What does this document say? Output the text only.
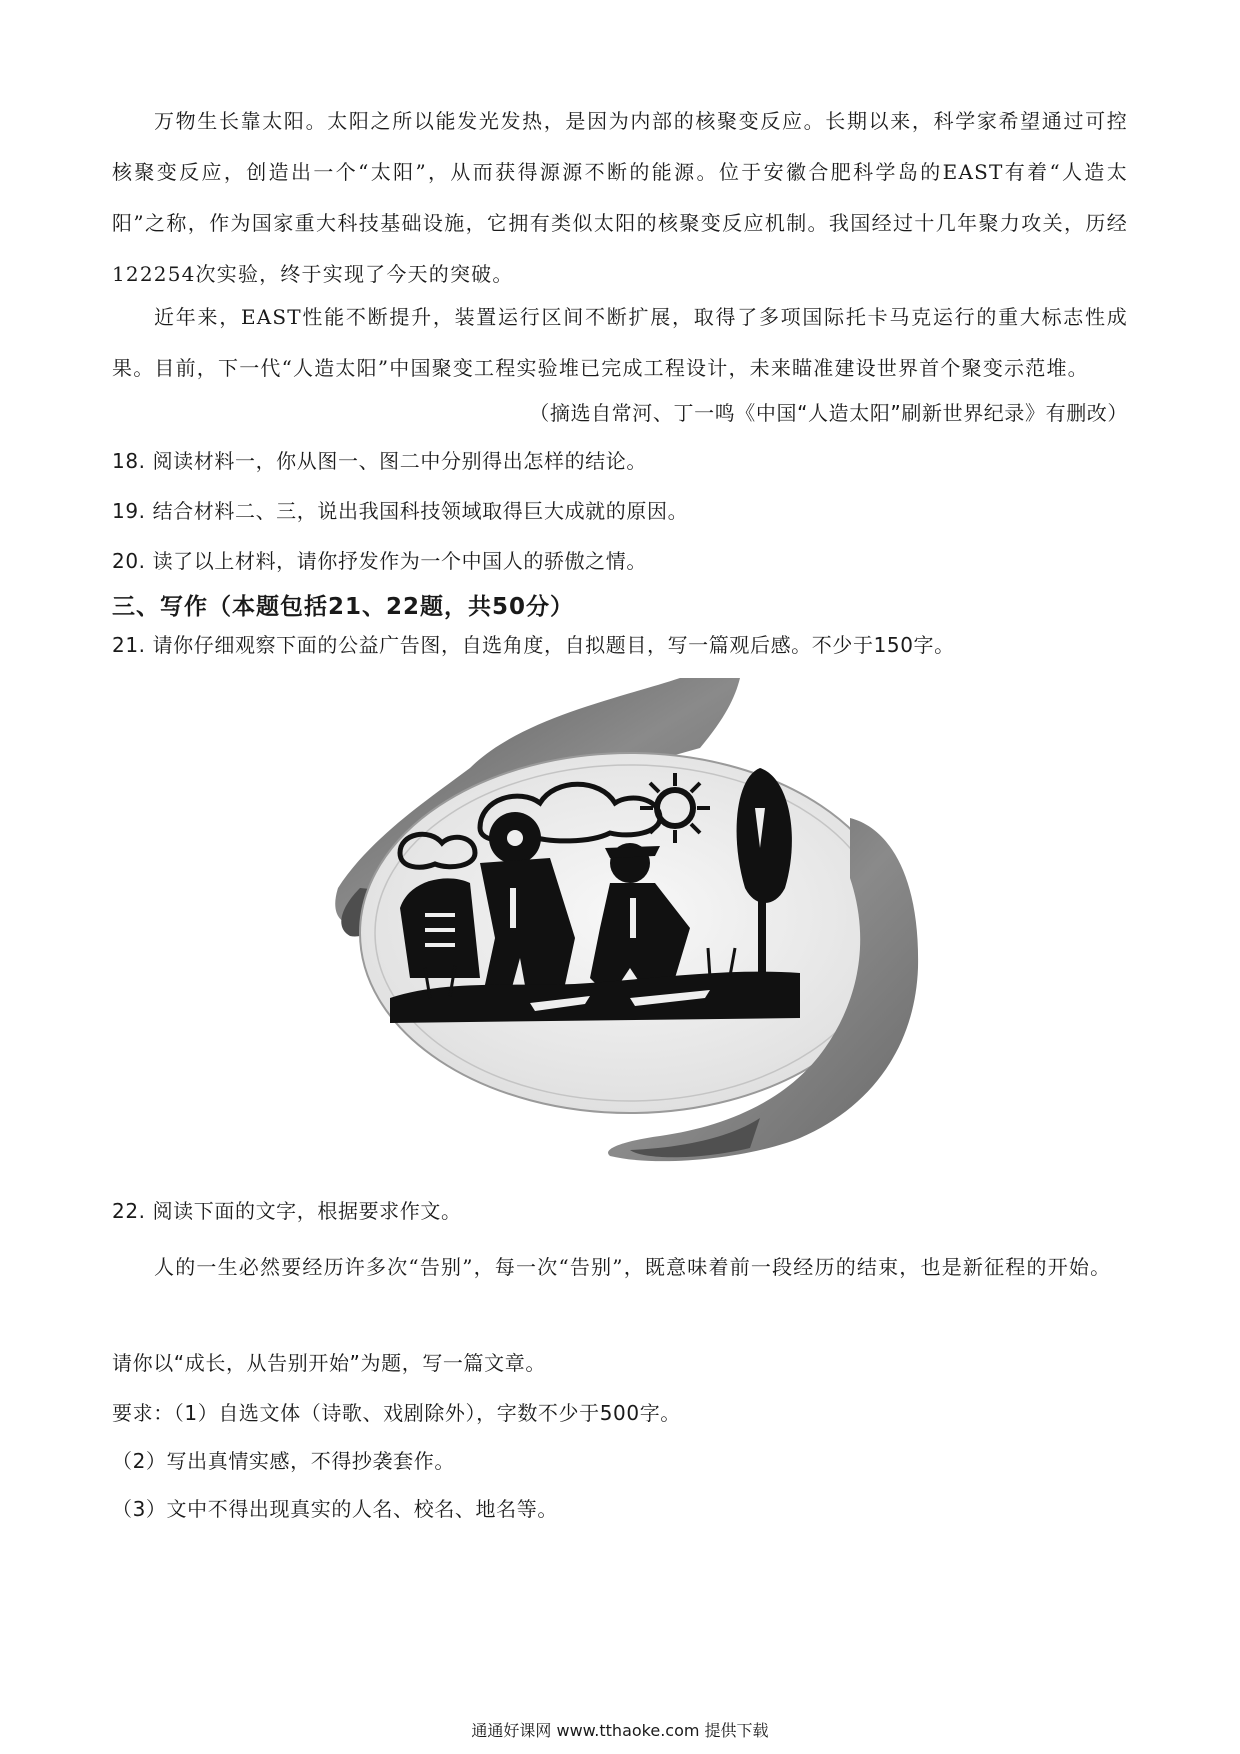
万物生长靠太阳。太阳之所以能发光发热，是因为内部的核聚变反应。长期以来，科学家希望通过可控核聚变反应，创造出一个“太阳”，从而获得源源不断的能源。位于安徽合肥科学岛的EAST有着“人造太阳”之称，作为国家重大科技基础设施，它拥有类似太阳的核聚变反应机制。我国经过十几年聚力攻关，历经122254次实验，终于实现了今天的突破。

近年来，EAST性能不断提升，装置运行区间不断扩展，取得了多项国际托卡马克运行的重大标志性成果。目前，下一代“人造太阳”中国聚变工程实验堆已完成工程设计，未来瞄准建设世界首个聚变示范堆。

（摘选自常河、丁一鸣《中国“人造太阳”刷新世界纪录》有删改）

18. 阅读材料一，你从图一、图二中分别得出怎样的结论。

19. 结合材料二、三，说出我国科技领域取得巨大成就的原因。

20. 读了以上材料，请你抒发作为一个中国人的骄傲之情。

三、写作（本题包括21、22题，共50分）

21. 请你仔细观察下面的公益广告图，自选角度，自拟题目，写一篇观后感。不少于150字。

22. 阅读下面的文字，根据要求作文。

人的一生必然要经历许多次“告别”，每一次“告别”，既意味着前一段经历的结束，也是新征程的开始。

请你以“成长，从告别开始”为题，写一篇文章。

要求：（1）自选文体（诗歌、戏剧除外），字数不少于500字。

（2）写出真情实感，不得抄袭套作。

（3）文中不得出现真实的人名、校名、地名等。

通通好课网 www.tthaoke.com 提供下载
